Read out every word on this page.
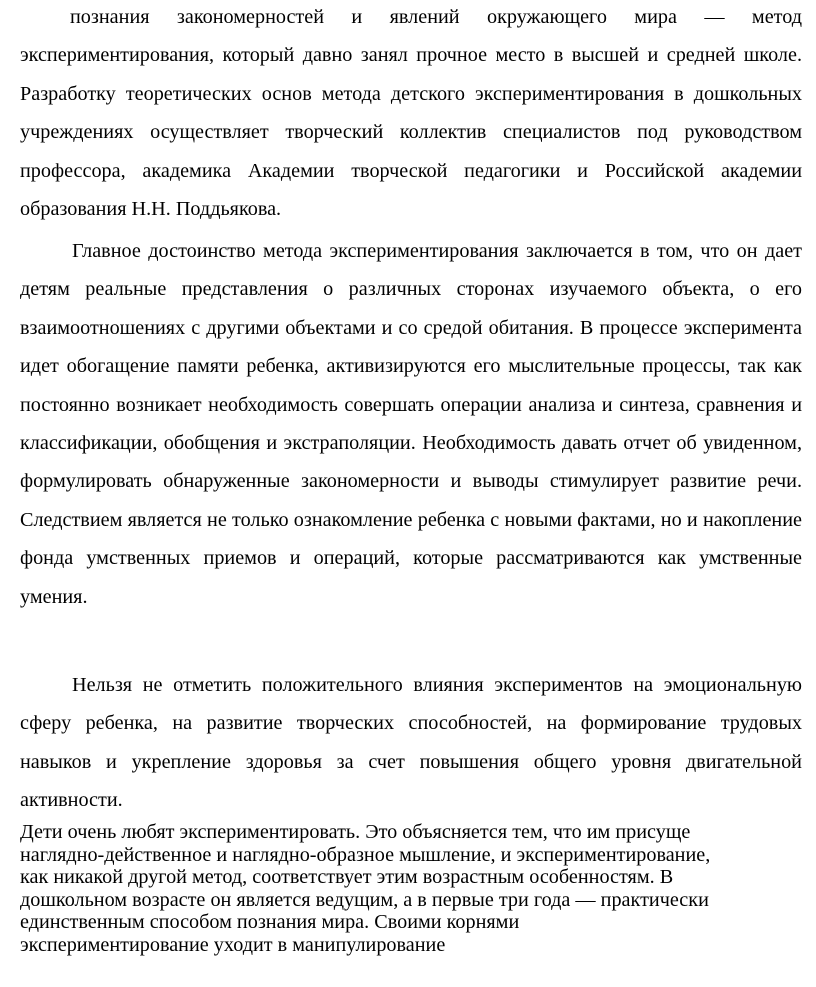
познания закономерностей и явлений окружающего мира — метод экспериментирования, который давно занял прочное место в высшей и средней школе. Разработку теоретических основ метода детского экспериментирования в дошкольных учреждениях осуществляет творческий коллектив специалистов под руководством профессора, академика Академии творческой педагогики и Российской академии образования Н.Н. Поддьякова.

Главное достоинство метода экспериментирования заключается в том, что он дает детям реальные представления о различных сторонах изучаемого объекта, о его взаимоотношениях с другими объектами и со средой обитания. В процессе эксперимента идет обогащение памяти ребенка, активизируются его мыслительные процессы, так как постоянно возникает необходимость совершать операции анализа и синтеза, сравнения и классификации, обобщения и экстраполяции. Необходимость давать отчет об увиденном, формулировать обнаруженные закономерности и выводы стимулирует развитие речи. Следствием является не только ознакомление ребенка с новыми фактами, но и накопление фонда умственных приемов и операций, которые рассматриваются как умственные умения.

Нельзя не отметить положительного влияния экспериментов на эмоциональную сферу ребенка, на развитие творческих способностей, на формирование трудовых навыков и укрепление здоровья за счет повышения общего уровня двигательной активности.

Дети очень любят экспериментировать. Это объясняется тем, что им присуще
наглядно-действенное и наглядно-образное мышление, и экспериментирование,
как никакой другой метод, соответствует этим возрастным особенностям. В
дошкольном возрасте он является ведущим, а в первые три года — практически
единственным способом познания мира. Своими корнями
экспериментирование уходит в манипулирование
